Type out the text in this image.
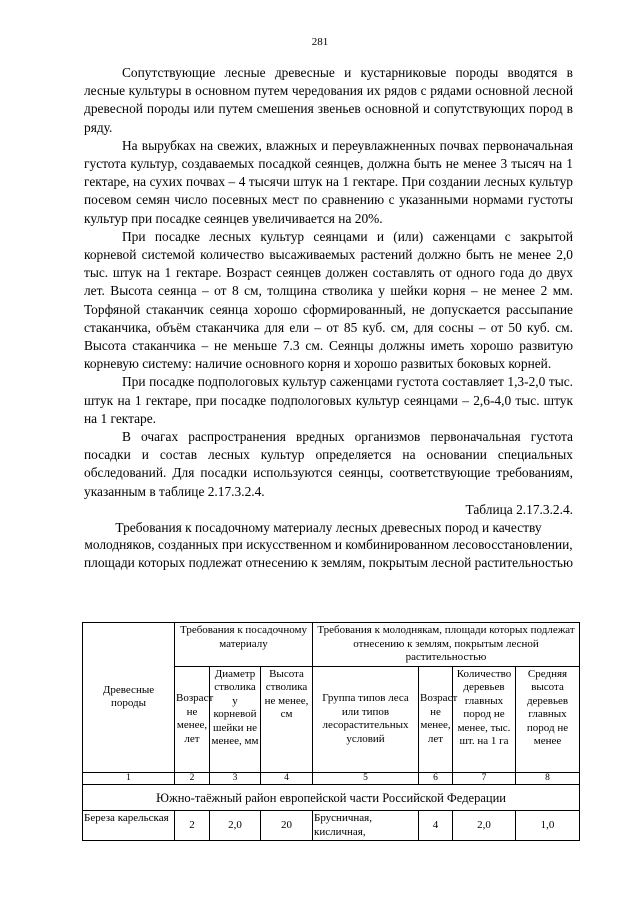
281

Сопутствующие лесные древесные и кустарниковые породы вводятся в лесные культуры в основном путем чередования их рядов с рядами основной лесной древесной породы или путем смешения звеньев основной и сопутствующих пород в ряду.

На вырубках на свежих, влажных и переувлажненных почвах первоначальная густота культур, создаваемых посадкой сеянцев, должна быть не менее 3 тысяч на 1 гектаре, на сухих почвах – 4 тысячи штук на 1 гектаре. При создании лесных культур посевом семян число посевных мест по сравнению с указанными нормами густоты культур при посадке сеянцев увеличивается на 20%.

При посадке лесных культур сеянцами и (или) саженцами с закрытой корневой системой количество высаживаемых растений должно быть не менее 2,0 тыс. штук на 1 гектаре. Возраст сеянцев должен составлять от одного года до двух лет. Высота сеянца – от 8 см, толщина стволика у шейки корня – не менее 2 мм. Торфяной стаканчик сеянца хорошо сформированный, не допускается рассыпание стаканчика, объём стаканчика для ели – от 85 куб. см, для сосны – от 50 куб. см. Высота стаканчика – не меньше 7.3 см. Сеянцы должны иметь хорошо развитую корневую систему: наличие основного корня и хорошо развитых боковых корней.

При посадке подпологовых культур саженцами густота составляет 1,3-2,0 тыс. штук на 1 гектаре, при посадке подпологовых культур сеянцами – 2,6-4,0 тыс. штук на 1 гектаре.

В очагах распространения вредных организмов первоначальная густота посадки и состав лесных культур определяется на основании специальных обследований. Для посадки используются сеянцы, соответствующие требованиям, указанным в таблице 2.17.3.2.4.

Таблица 2.17.3.2.4.

Требования к посадочному материалу лесных древесных пород и качеству молодняков, созданных при искусственном и комбинированном лесовосстановлении, площади которых подлежат отнесению к землям, покрытым лесной растительностью

Древесные породы	Требования к посадочному материалу			Требования к молоднякам, площади которых подлежат отнесению к землям, покрытым лесной растительностью			
	Возраст не менее, лет	Диаметр стволика у корневой шейки не менее, мм	Высота стволика не менее, см	Группа типов леса или типов лесорастительных условий	Возраст не менее, лет	Количество деревьев главных пород не менее, тыс. шт. на 1 га	Средняя высота деревьев главных пород не менее
1	2	3	4	5	6	7	8
Южно-таёжный район европейской части Российской Федерации							
Береза карельская	2	2,0	20	Брусничная, кисличная,	4	2,0	1,0
